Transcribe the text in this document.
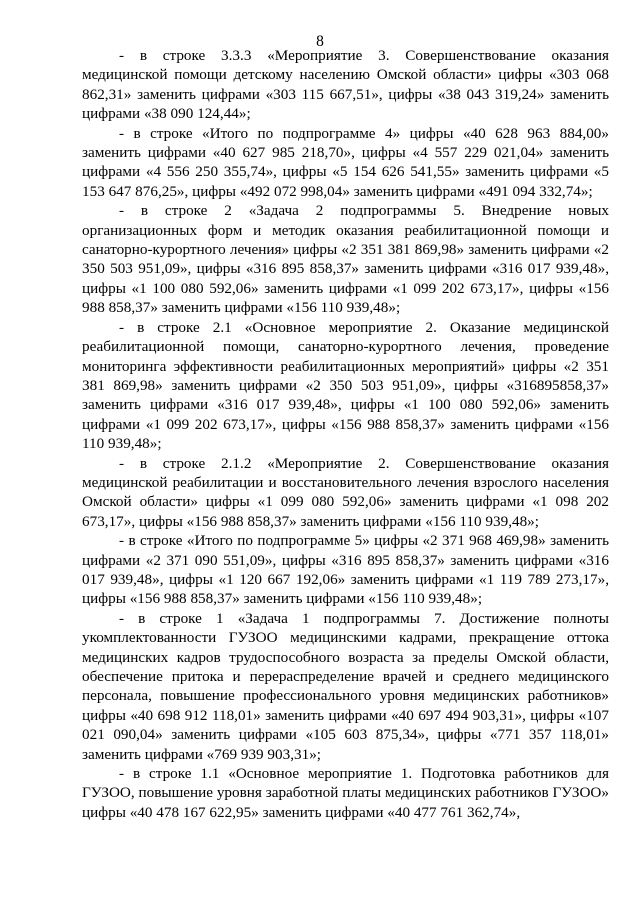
8

- в строке 3.3.3 «Мероприятие 3. Совершенствование оказания медицинской помощи детскому населению Омской области» цифры «303 068 862,31» заменить цифрами «303 115 667,51», цифры «38 043 319,24» заменить цифрами «38 090 124,44»;

- в строке «Итого по подпрограмме 4» цифры «40 628 963 884,00» заменить цифрами «40 627 985 218,70», цифры «4 557 229 021,04» заменить цифрами «4 556 250 355,74», цифры «5 154 626 541,55» заменить цифрами «5 153 647 876,25», цифры «492 072 998,04» заменить цифрами «491 094 332,74»;

- в строке 2 «Задача 2 подпрограммы 5. Внедрение новых организационных форм и методик оказания реабилитационной помощи и санаторно-курортного лечения» цифры «2 351 381 869,98» заменить цифрами «2 350 503 951,09», цифры «316 895 858,37» заменить цифрами «316 017 939,48», цифры «1 100 080 592,06» заменить цифрами «1 099 202 673,17», цифры «156 988 858,37» заменить цифрами «156 110 939,48»;

- в строке 2.1 «Основное мероприятие 2. Оказание медицинской реабилитационной помощи, санаторно-курортного лечения, проведение мониторинга эффективности реабилитационных мероприятий» цифры «2 351 381 869,98» заменить цифрами «2 350 503 951,09», цифры «316895858,37» заменить цифрами «316 017 939,48», цифры «1 100 080 592,06» заменить цифрами «1 099 202 673,17», цифры «156 988 858,37» заменить цифрами «156 110 939,48»;

- в строке 2.1.2 «Мероприятие 2. Совершенствование оказания медицинской реабилитации и восстановительного лечения взрослого населения Омской области» цифры «1 099 080 592,06» заменить цифрами «1 098 202 673,17», цифры «156 988 858,37» заменить цифрами «156 110 939,48»;

- в строке «Итого по подпрограмме 5» цифры «2 371 968 469,98» заменить цифрами «2 371 090 551,09», цифры «316 895 858,37» заменить цифрами «316 017 939,48», цифры «1 120 667 192,06» заменить цифрами «1 119 789 273,17», цифры «156 988 858,37» заменить цифрами «156 110 939,48»;

- в строке 1 «Задача 1 подпрограммы 7. Достижение полноты укомплектованности ГУЗОО медицинскими кадрами, прекращение оттока медицинских кадров трудоспособного возраста за пределы Омской области, обеспечение притока и перераспределение врачей и среднего медицинского персонала, повышение профессионального уровня медицинских работников» цифры «40 698 912 118,01» заменить цифрами «40 697 494 903,31», цифры «107 021 090,04» заменить цифрами «105 603 875,34», цифры «771 357 118,01» заменить цифрами «769 939 903,31»;

- в строке 1.1 «Основное мероприятие 1. Подготовка работников для ГУЗОО, повышение уровня заработной платы медицинских работников ГУЗОО» цифры «40 478 167 622,95» заменить цифрами «40 477 761 362,74»,
